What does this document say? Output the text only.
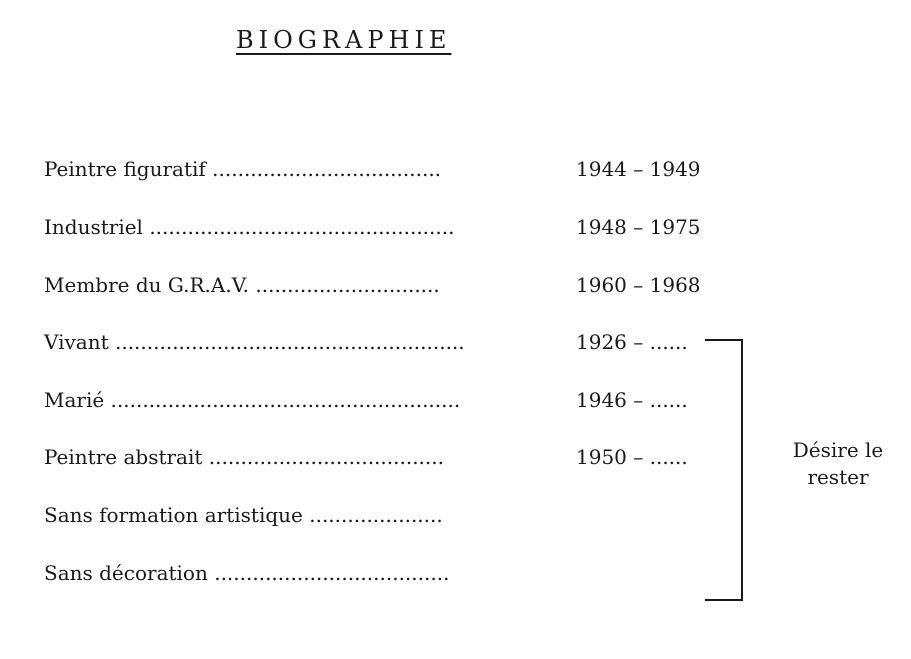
BIOGRAPHIE
Peintre figuratif ....................................	1944 – 1949
Industriel ................................................	1948 – 1975
Membre du G.R.A.V. .............................	1960 – 1968
Vivant .......................................................	1926 – ......
Marié .......................................................	1946 – ......
Peintre abstrait .....................................	1950 – ......
Sans formation artistique .....................
Sans décoration .....................................
Désire le
rester
